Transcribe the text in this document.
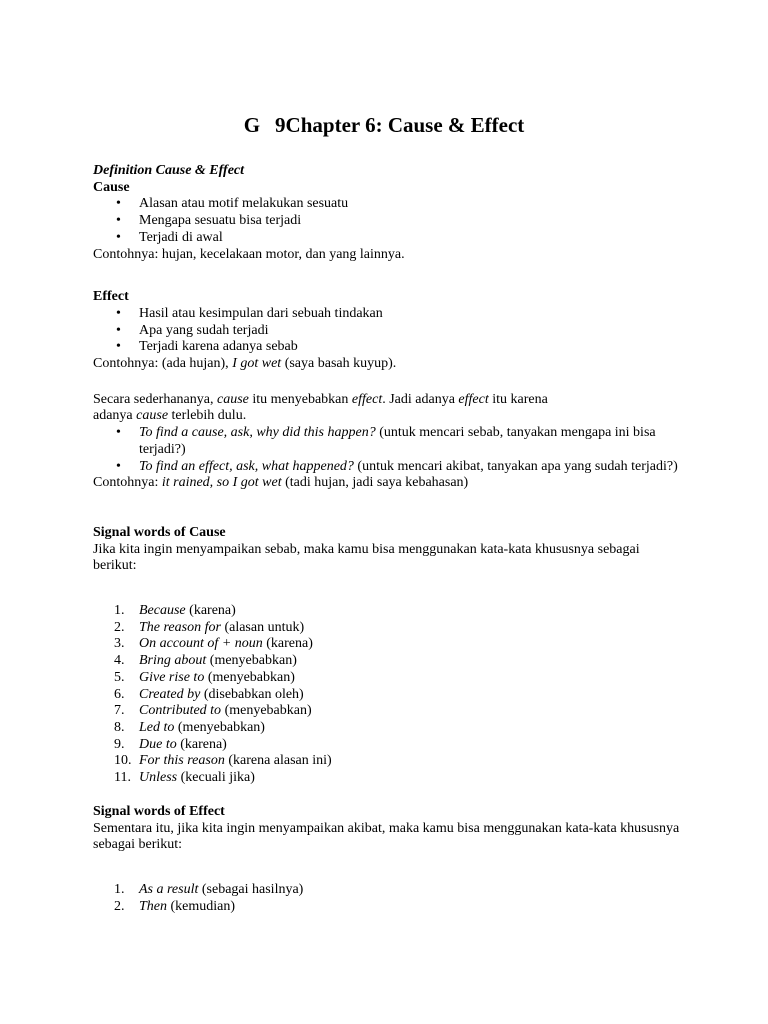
G 9Chapter 6: Cause & Effect

Definition Cause & Effect

Cause

• Alasan atau motif melakukan sesuatu
• Mengapa sesuatu bisa terjadi
• Terjadi di awal

Contohnya: hujan, kecelakaan motor, dan yang lainnya.

Effect

• Hasil atau kesimpulan dari sebuah tindakan
• Apa yang sudah terjadi
• Terjadi karena adanya sebab

Contohnya: (ada hujan), I got wet (saya basah kuyup).

Secara sederhananya, cause itu menyebabkan effect. Jadi adanya effect itu karena
adanya cause terlebih dulu.

• To find a cause, ask, why did this happen? (untuk mencari sebab, tanyakan mengapa ini bisa terjadi?)
• To find an effect, ask, what happened? (untuk mencari akibat, tanyakan apa yang sudah terjadi?)

Contohnya: it rained, so I got wet (tadi hujan, jadi saya kebahasan)

Signal words of Cause

Jika kita ingin menyampaikan sebab, maka kamu bisa menggunakan kata-kata khususnya sebagai berikut:

1. Because (karena)
2. The reason for (alasan untuk)
3. On account of + noun (karena)
4. Bring about (menyebabkan)
5. Give rise to (menyebabkan)
6. Created by (disebabkan oleh)
7. Contributed to (menyebabkan)
8. Led to (menyebabkan)
9. Due to (karena)
10. For this reason (karena alasan ini)
11. Unless (kecuali jika)

Signal words of Effect

Sementara itu, jika kita ingin menyampaikan akibat, maka kamu bisa menggunakan kata-kata khususnya sebagai berikut:

1. As a result (sebagai hasilnya)
2. Then (kemudian)
